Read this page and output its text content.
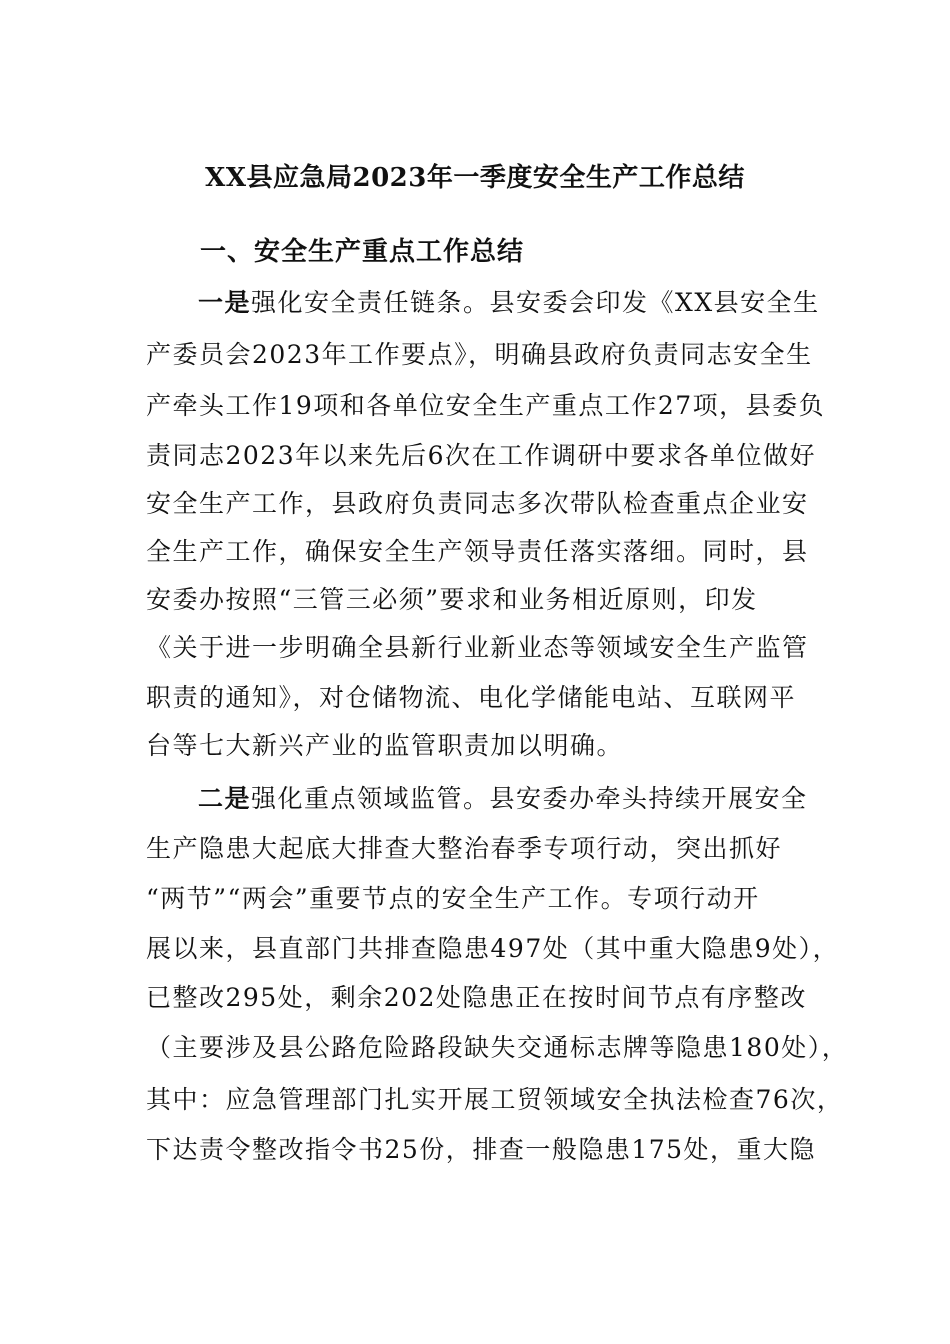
XX县应急局2023年一季度安全生产工作总结
一、安全生产重点工作总结
一是强化安全责任链条。县安委会印发《XX县安全生
产委员会2023年工作要点》，明确县政府负责同志安全生
产牵头工作19项和各单位安全生产重点工作27项，县委负
责同志2023年以来先后6次在工作调研中要求各单位做好
安全生产工作，县政府负责同志多次带队检查重点企业安
全生产工作，确保安全生产领导责任落实落细。同时，县
安委办按照“三管三必须”要求和业务相近原则，印发
《关于进一步明确全县新行业新业态等领域安全生产监管
职责的通知》，对仓储物流、电化学储能电站、互联网平
台等七大新兴产业的监管职责加以明确。
二是强化重点领域监管。县安委办牵头持续开展安全
生产隐患大起底大排查大整治春季专项行动，突出抓好
“两节”“两会”重要节点的安全生产工作。专项行动开
展以来，县直部门共排查隐患497处（其中重大隐患9处），
已整改295处，剩余202处隐患正在按时间节点有序整改
（主要涉及县公路危险路段缺失交通标志牌等隐患180处），
其中：应急管理部门扎实开展工贸领域安全执法检查76次，
下达责令整改指令书25份，排查一般隐患175处，重大隐
